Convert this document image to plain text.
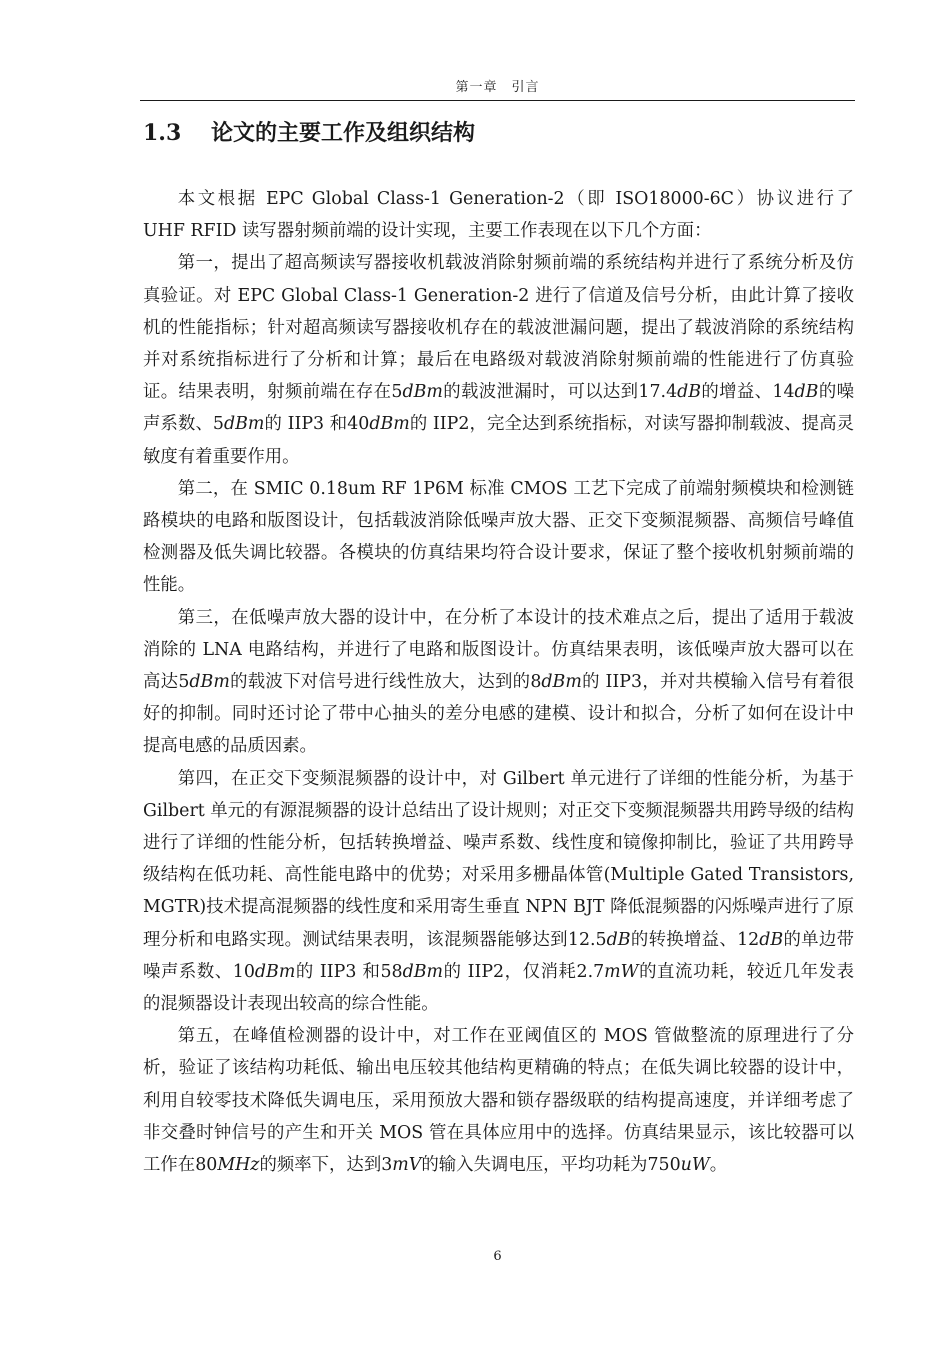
第一章　引言
1.3 论文的主要工作及组织结构

本文根据 EPC Global Class-1 Generation-2（即 ISO18000-6C）协议进行了 UHF RFID 读写器射频前端的设计实现，主要工作表现在以下几个方面：

第一，提出了超高频读写器接收机载波消除射频前端的系统结构并进行了系统分析及仿真验证。对 EPC Global Class-1 Generation-2 进行了信道及信号分析，由此计算了接收机的性能指标；针对超高频读写器接收机存在的载波泄漏问题，提出了载波消除的系统结构并对系统指标进行了分析和计算；最后在电路级对载波消除射频前端的性能进行了仿真验证。结果表明，射频前端在存在5dBm的载波泄漏时，可以达到17.4dB的增益、14dB的噪声系数、5dBm的 IIP3 和40dBm的 IIP2，完全达到系统指标，对读写器抑制载波、提高灵敏度有着重要作用。

第二，在 SMIC 0.18um RF 1P6M 标准 CMOS 工艺下完成了前端射频模块和检测链路模块的电路和版图设计，包括载波消除低噪声放大器、正交下变频混频器、高频信号峰值检测器及低失调比较器。各模块的仿真结果均符合设计要求，保证了整个接收机射频前端的性能。

第三，在低噪声放大器的设计中，在分析了本设计的技术难点之后，提出了适用于载波消除的 LNA 电路结构，并进行了电路和版图设计。仿真结果表明，该低噪声放大器可以在高达5dBm的载波下对信号进行线性放大，达到的8dBm的 IIP3，并对共模输入信号有着很好的抑制。同时还讨论了带中心抽头的差分电感的建模、设计和拟合，分析了如何在设计中提高电感的品质因素。

第四，在正交下变频混频器的设计中，对 Gilbert 单元进行了详细的性能分析，为基于 Gilbert 单元的有源混频器的设计总结出了设计规则；对正交下变频混频器共用跨导级的结构进行了详细的性能分析，包括转换增益、噪声系数、线性度和镜像抑制比，验证了共用跨导级结构在低功耗、高性能电路中的优势；对采用多栅晶体管(Multiple Gated Transistors, MGTR)技术提高混频器的线性度和采用寄生垂直 NPN BJT 降低混频器的闪烁噪声进行了原理分析和电路实现。测试结果表明，该混频器能够达到12.5dB的转换增益、12dB的单边带噪声系数、10dBm的 IIP3 和58dBm的 IIP2，仅消耗2.7mW的直流功耗，较近几年发表的混频器设计表现出较高的综合性能。

第五，在峰值检测器的设计中，对工作在亚阈值区的 MOS 管做整流的原理进行了分析，验证了该结构功耗低、输出电压较其他结构更精确的特点；在低失调比较器的设计中，利用自较零技术降低失调电压，采用预放大器和锁存器级联的结构提高速度，并详细考虑了非交叠时钟信号的产生和开关 MOS 管在具体应用中的选择。仿真结果显示，该比较器可以工作在80MHz的频率下，达到3mV的输入失调电压，平均功耗为750uW。

6
